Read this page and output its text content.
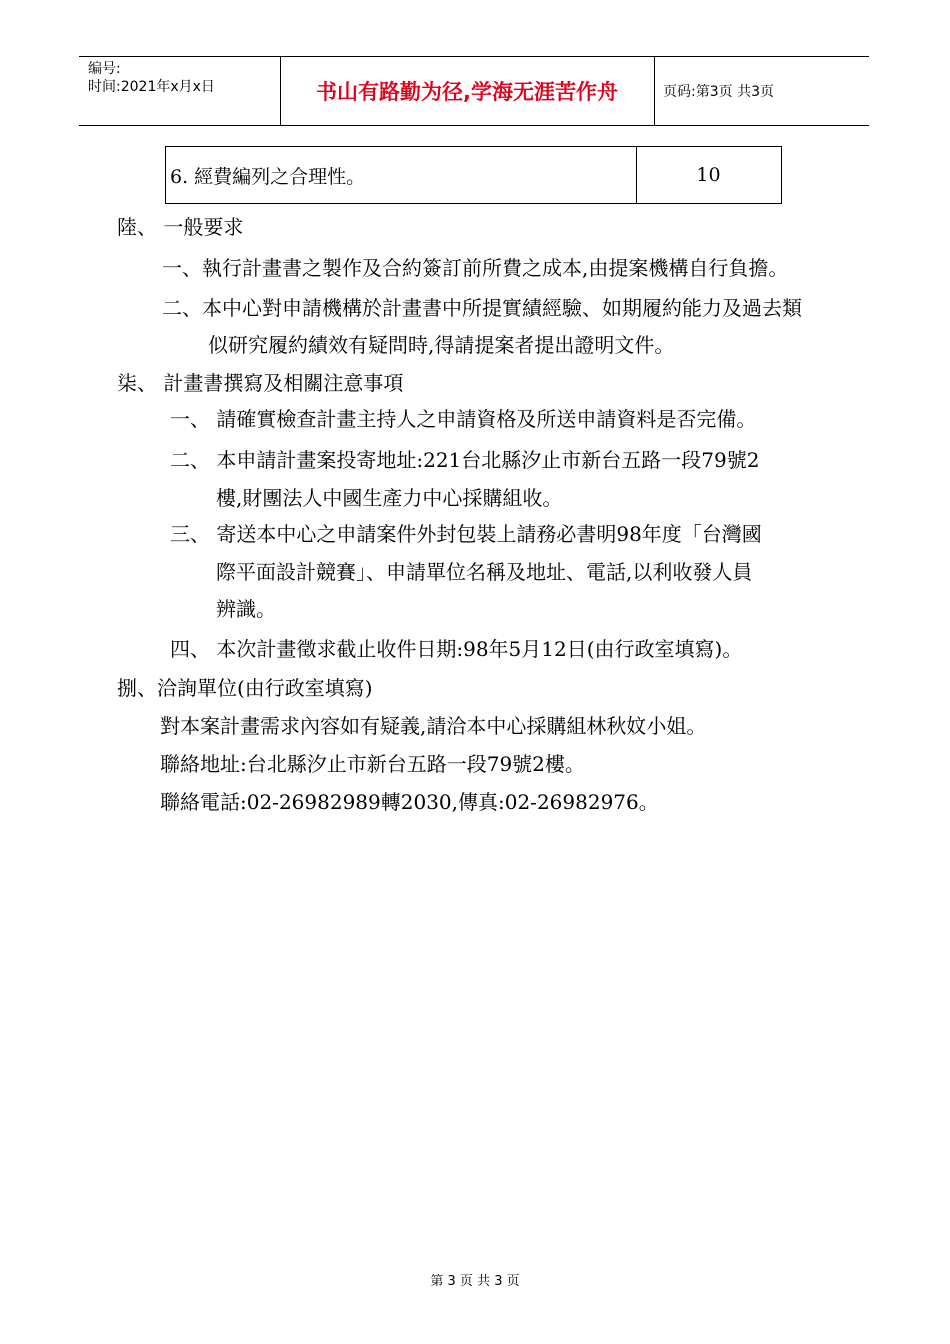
编号:
时间:2021年x月x日	书山有路勤为径,学海无涯苦作舟	页码:第3页 共3页
6. 經費編列之合理性。	10
陸、 一般要求
一、執行計畫書之製作及合約簽訂前所費之成本,由提案機構自行負擔。
二、本中心對申請機構於計畫書中所提實績經驗、如期履約能力及過去類
似研究履約績效有疑問時,得請提案者提出證明文件。
柒、 計畫書撰寫及相關注意事項
一、 請確實檢查計畫主持人之申請資格及所送申請資料是否完備。
二、 本申請計畫案投寄地址:221台北縣汐止市新台五路一段79號2
樓,財團法人中國生產力中心採購組收。
三、 寄送本中心之申請案件外封包裝上請務必書明98年度「台灣國
際平面設計競賽」、申請單位名稱及地址、電話,以利收發人員
辨識。
四、 本次計畫徵求截止收件日期:98年5月12日(由行政室填寫)。
捌、洽詢單位(由行政室填寫)
對本案計畫需求內容如有疑義,請洽本中心採購組林秋妏小姐。
聯絡地址:台北縣汐止市新台五路一段79號2樓。
聯絡電話:02-26982989轉2030,傳真:02-26982976。
第 3 页 共 3 页
